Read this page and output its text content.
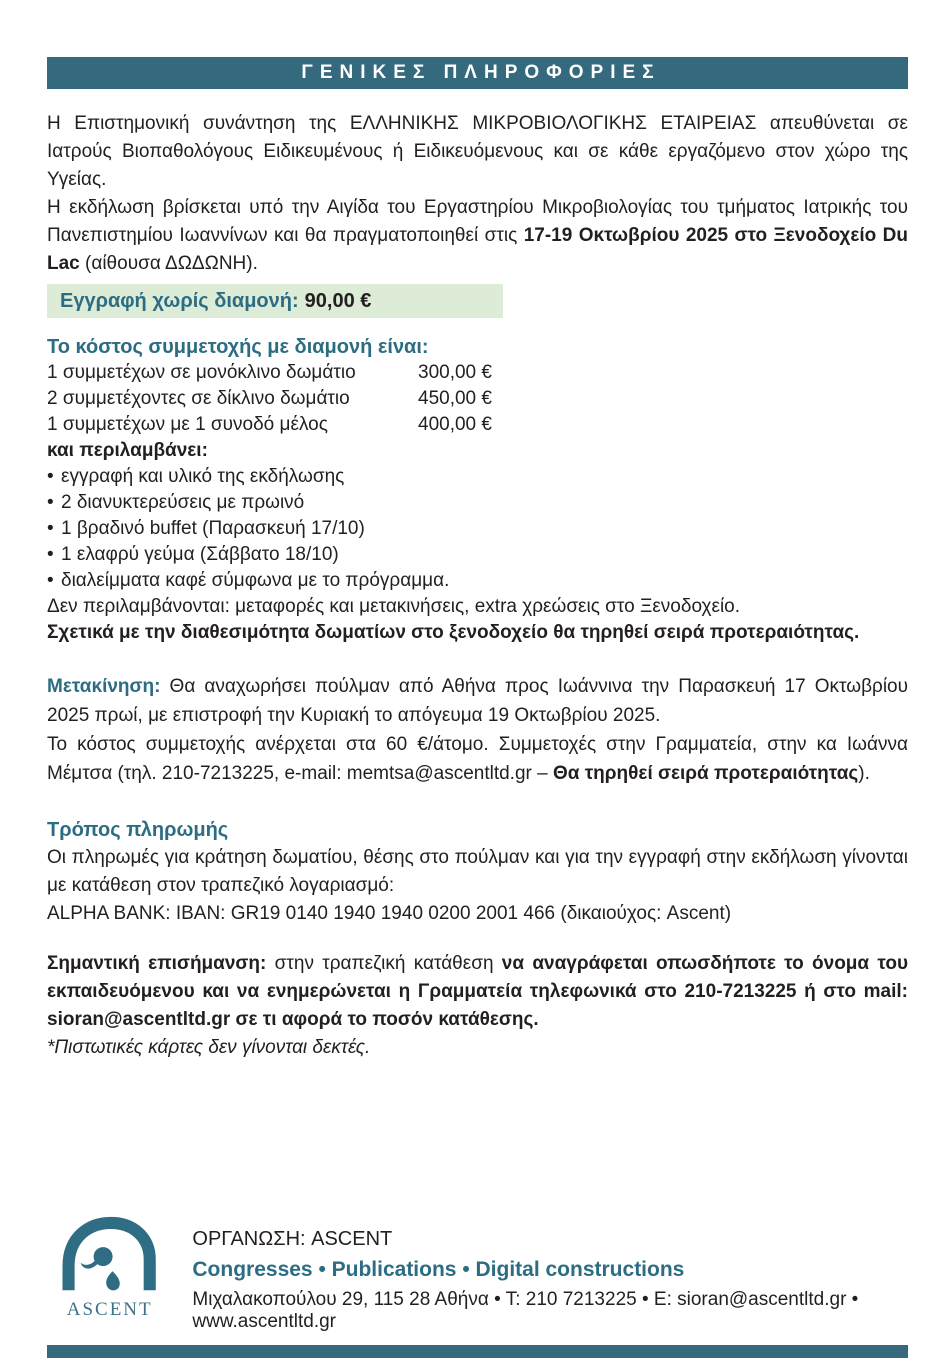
ΓΕΝΙΚΕΣ ΠΛΗΡΟΦΟΡΙΕΣ

Η Επιστημονική συνάντηση της ΕΛΛΗΝΙΚΗΣ ΜΙΚΡΟΒΙΟΛΟΓΙΚΗΣ ΕΤΑΙΡΕΙΑΣ απευθύνεται σε Ιατρούς Βιοπαθολόγους Ειδικευμένους ή Ειδικευόμενους και σε κάθε εργαζόμενο στον χώρο της Υγείας.

Η εκδήλωση βρίσκεται υπό την Αιγίδα του Εργαστηρίου Μικροβιολογίας του τμήματος Ιατρικής του Πανεπιστημίου Ιωαννίνων και θα πραγματοποιηθεί στις 17-19 Οκτωβρίου 2025 στο Ξενοδοχείο Du Lac (αίθουσα ΔΩΔΩΝΗ).

Εγγραφή χωρίς διαμονή: 90,00 €
Το κόστος συμμετοχής με διαμονή είναι:
1 συμμετέχων σε μονόκλινο δωμάτιο	300,00 €
2 συμμετέχοντες σε δίκλινο δωμάτιο	450,00 €
1 συμμετέχων με 1 συνοδό μέλος	400,00 €
και περιλαμβάνει:
• εγγραφή και υλικό της εκδήλωσης
• 2 διανυκτερεύσεις με πρωινό
• 1 βραδινό buffet (Παρασκευή 17/10)
• 1 ελαφρύ γεύμα (Σάββατο 18/10)
• διαλείμματα καφέ σύμφωνα με το πρόγραμμα.
Δεν περιλαμβάνονται: μεταφορές και μετακινήσεις, extra χρεώσεις στο Ξενοδοχείο.
Σχετικά με την διαθεσιμότητα δωματίων στο ξενοδοχείο θα τηρηθεί σειρά προτεραιότητας.

Μετακίνηση: Θα αναχωρήσει πούλμαν από Αθήνα προς Ιωάννινα την Παρασκευή 17 Οκτωβρίου 2025 πρωί, με επιστροφή την Κυριακή το απόγευμα 19 Οκτωβρίου 2025.

Το κόστος συμμετοχής ανέρχεται στα 60 €/άτομο. Συμμετοχές στην Γραμματεία, στην κα Ιωάννα Μέμτσα (τηλ. 210-7213225, e-mail: memtsa@ascentltd.gr – Θα τηρηθεί σειρά προτεραιότητας).

Τρόπος πληρωμής

Οι πληρωμές για κράτηση δωματίου, θέσης στο πούλμαν και για την εγγραφή στην εκδήλωση γίνονται με κατάθεση στον τραπεζικό λογαριασμό:

ALPHA BANK: IBAN: GR19 0140 1940 1940 0200 2001 466 (δικαιούχος: Ascent)

Σημαντική επισήμανση: στην τραπεζική κατάθεση να αναγράφεται οπωσδήποτε το όνομα του εκπαιδευόμενου και να ενημερώνεται η Γραμματεία τηλεφωνικά στο 210-7213225 ή στο mail: sioran@ascentltd.gr σε τι αφορά το ποσόν κατάθεσης.

*Πιστωτικές κάρτες δεν γίνονται δεκτές.

ASCENT

ΟΡΓΑΝΩΣΗ: ASCENT

Congresses • Publications • Digital constructions

Μιχαλακοπούλου 29, 115 28 Αθήνα • Τ: 210 7213225 • Ε: sioran@ascentltd.gr • www.ascentltd.gr
